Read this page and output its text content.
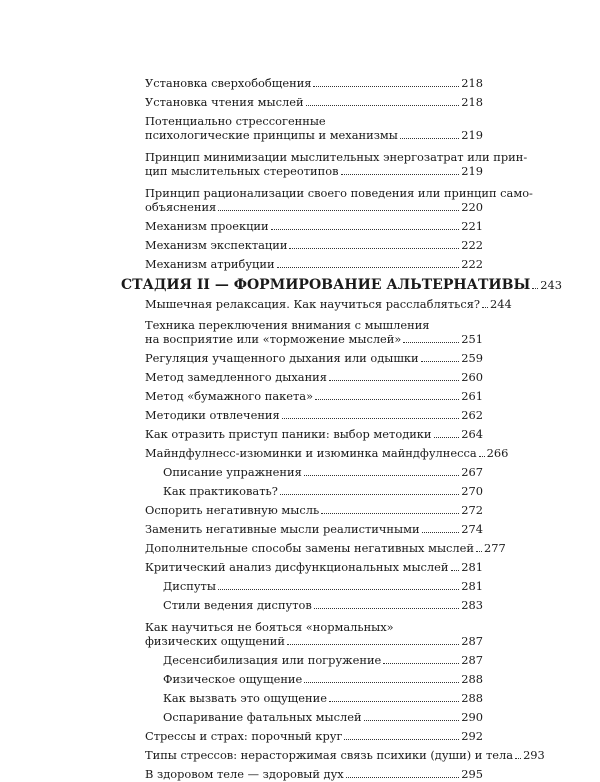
Установка сверхобобщения	218
Установка чтения мыслей	218
Потенциально стрессогенные
психологические принципы и механизмы	219
Принцип минимизации мыслительных энергозатрат или прин-
цип мыслительных стереотипов	219
Принцип рационализации своего поведения или принцип само-
объяснения	220
Механизм проекции	221
Механизм экспектации	222
Механизм атрибуции	222
СТАДИЯ II — ФОРМИРОВАНИЕ АЛЬТЕРНАТИВЫ 243
Мышечная релаксация. Как научиться расслабляться? 244
Техника переключения внимания с мышления
на восприятие или «торможение мыслей»	251
Регуляция учащенного дыхания или одышки	259
Метод замедленного дыхания	260
Метод «бумажного пакета»	261
Методики отвлечения	262
Как отразить приступ паники: выбор методики	264
Майндфулнесс-изюминки и изюминка майндфулнесса 266
Описание упражнения	267
Как практиковать?	270
Оспорить негативную мысль	272
Заменить негативные мысли реалистичными	274
Дополнительные способы замены негативных мыслей 277
Критический анализ дисфункциональных мыслей 281
Диспуты	281
Стили ведения диспутов	283
Как научиться не бояться «нормальных»
физических ощущений	287
Десенсибилизация или погружение	287
Физическое ощущение	288
Как вызвать это ощущение	288
Оспаривание фатальных мыслей	290
Стрессы и страх: порочный круг	292
Типы стрессов: нерасторжимая связь психики (души) и тела 293
В здоровом теле — здоровый дух	295
